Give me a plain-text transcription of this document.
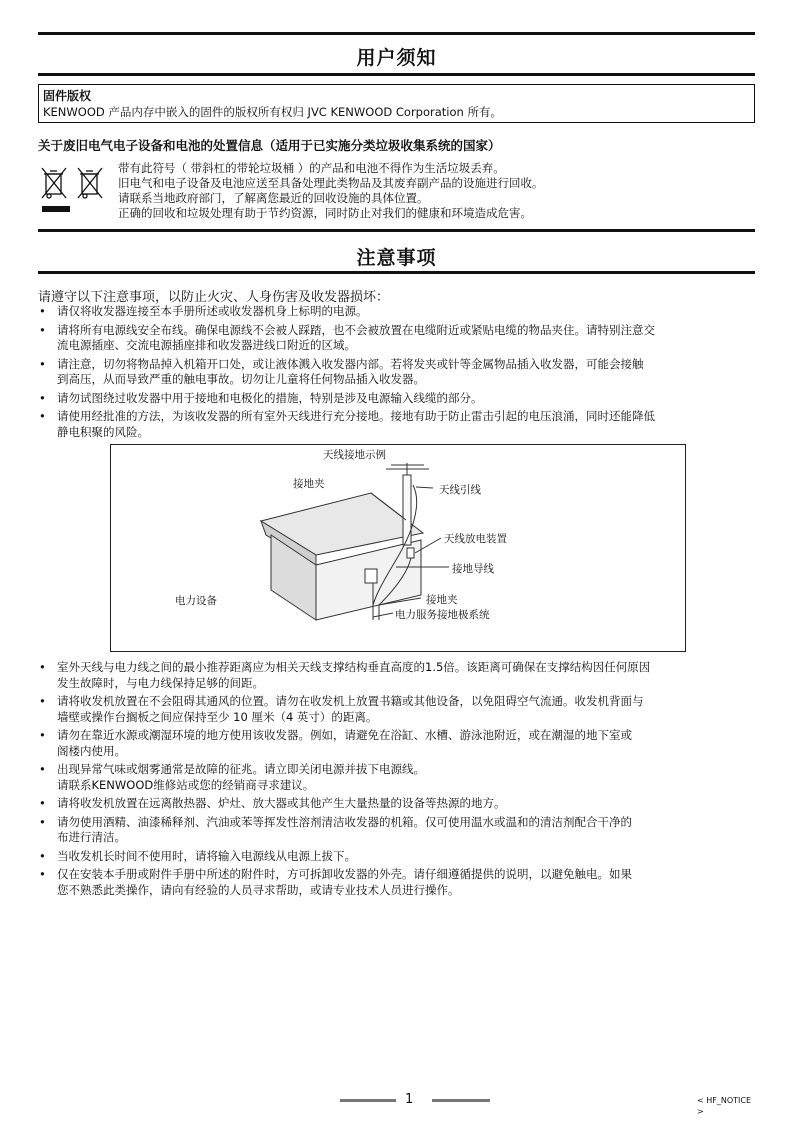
用户须知
固件版权
KENWOOD 产品内存中嵌入的固件的版权所有权归 JVC KENWOOD Corporation 所有。
关于废旧电气电子设备和电池的处置信息（适用于已实施分类垃圾收集系统的国家）
带有此符号（ 带斜杠的带轮垃圾桶 ）的产品和电池不得作为生活垃圾丢弃。
旧电气和电子设备及电池应送至具备处理此类物品及其废弃副产品的设施进行回收。
请联系当地政府部门，了解离您最近的回收设施的具体位置。
正确的回收和垃圾处理有助于节约资源，同时防止对我们的健康和环境造成危害。
注意事项
请遵守以下注意事项，以防止火灾、人身伤害及收发器损坏：
• 请仅将收发器连接至本手册所述或收发器机身上标明的电源。
• 请将所有电源线安全布线。确保电源线不会被人踩踏，也不会被放置在电缆附近或紧贴电缆的物品夹住。请特别注意交
流电源插座、交流电源插座排和收发器进线口附近的区域。
• 请注意，切勿将物品掉入机箱开口处，或让液体溅入收发器内部。若将发夹或针等金属物品插入收发器，可能会接触
到高压，从而导致严重的触电事故。切勿让儿童将任何物品插入收发器。
• 请勿试图绕过收发器中用于接地和电极化的措施，特别是涉及电源输入线缆的部分。
• 请使用经批准的方法，为该收发器的所有室外天线进行充分接地。接地有助于防止雷击引起的电压浪涌，同时还能降低
静电积聚的风险。
天线接地示例
接地夹	天线引线
天线放电装置
接地导线
电力设备	接地夹
电力服务接地极系统
• 室外天线与电力线之间的最小推荐距离应为相关天线支撑结构垂直高度的1.5倍。该距离可确保在支撑结构因任何原因
发生故障时，与电力线保持足够的间距。
• 请将收发机放置在不会阻碍其通风的位置。请勿在收发机上放置书籍或其他设备，以免阻碍空气流通。收发机背面与
墙壁或操作台搁板之间应保持至少 10 厘米（4 英寸）的距离。
• 请勿在靠近水源或潮湿环境的地方使用该收发器。例如，请避免在浴缸、水槽、游泳池附近，或在潮湿的地下室或
阁楼内使用。
• 出现异常气味或烟雾通常是故障的征兆。请立即关闭电源并拔下电源线。
请联系KENWOOD维修站或您的经销商寻求建议。
• 请将收发机放置在远离散热器、炉灶、放大器或其他产生大量热量的设备等热源的地方。
• 请勿使用酒精、油漆稀释剂、汽油或苯等挥发性溶剂清洁收发器的机箱。仅可使用温水或温和的清洁剂配合干净的
布进行清洁。
• 当收发机长时间不使用时，请将输入电源线从电源上拔下。
• 仅在安装本手册或附件手册中所述的附件时，方可拆卸收发器的外壳。请仔细遵循提供的说明，以避免触电。如果
您不熟悉此类操作，请向有经验的人员寻求帮助，或请专业技术人员进行操作。
1	< HF_NOTICE
>
